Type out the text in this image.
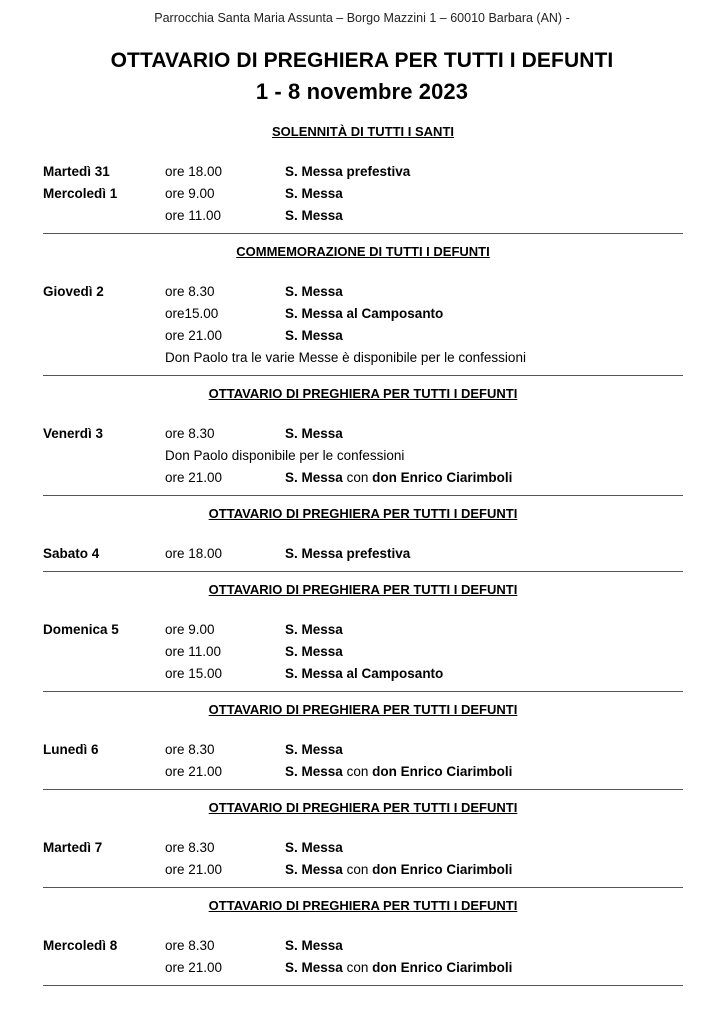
Parrocchia Santa Maria Assunta – Borgo Mazzini 1 – 60010 Barbara (AN) -
OTTAVARIO DI PREGHIERA PER TUTTI I DEFUNTI
1 - 8 novembre 2023
SOLENNITÀ DI TUTTI I SANTI
Martedì 31	ore 18.00	S. Messa prefestiva
Mercoledì 1	ore 9.00	S. Messa
ore 11.00	S. Messa
COMMEMORAZIONE DI TUTTI I DEFUNTI
Giovedì 2	ore 8.30	S. Messa
ore15.00	S. Messa al Camposanto
ore 21.00	S. Messa
Don Paolo tra le varie Messe è disponibile per le confessioni
OTTAVARIO DI PREGHIERA PER TUTTI I DEFUNTI
Venerdì 3	ore 8.30	S. Messa
Don Paolo disponibile per le confessioni
ore 21.00	S. Messa con don Enrico Ciarimboli
OTTAVARIO DI PREGHIERA PER TUTTI I DEFUNTI
Sabato 4	ore 18.00	S. Messa prefestiva
OTTAVARIO DI PREGHIERA PER TUTTI I DEFUNTI
Domenica 5	ore 9.00	S. Messa
ore 11.00	S. Messa
ore 15.00	S. Messa al Camposanto
OTTAVARIO DI PREGHIERA PER TUTTI I DEFUNTI
Lunedì 6	ore 8.30	S. Messa
ore 21.00	S. Messa con don Enrico Ciarimboli
OTTAVARIO DI PREGHIERA PER TUTTI I DEFUNTI
Martedì 7	ore 8.30	S. Messa
ore 21.00	S. Messa con don Enrico Ciarimboli
OTTAVARIO DI PREGHIERA PER TUTTI I DEFUNTI
Mercoledì 8	ore 8.30	S. Messa
ore 21.00	S. Messa con don Enrico Ciarimboli
